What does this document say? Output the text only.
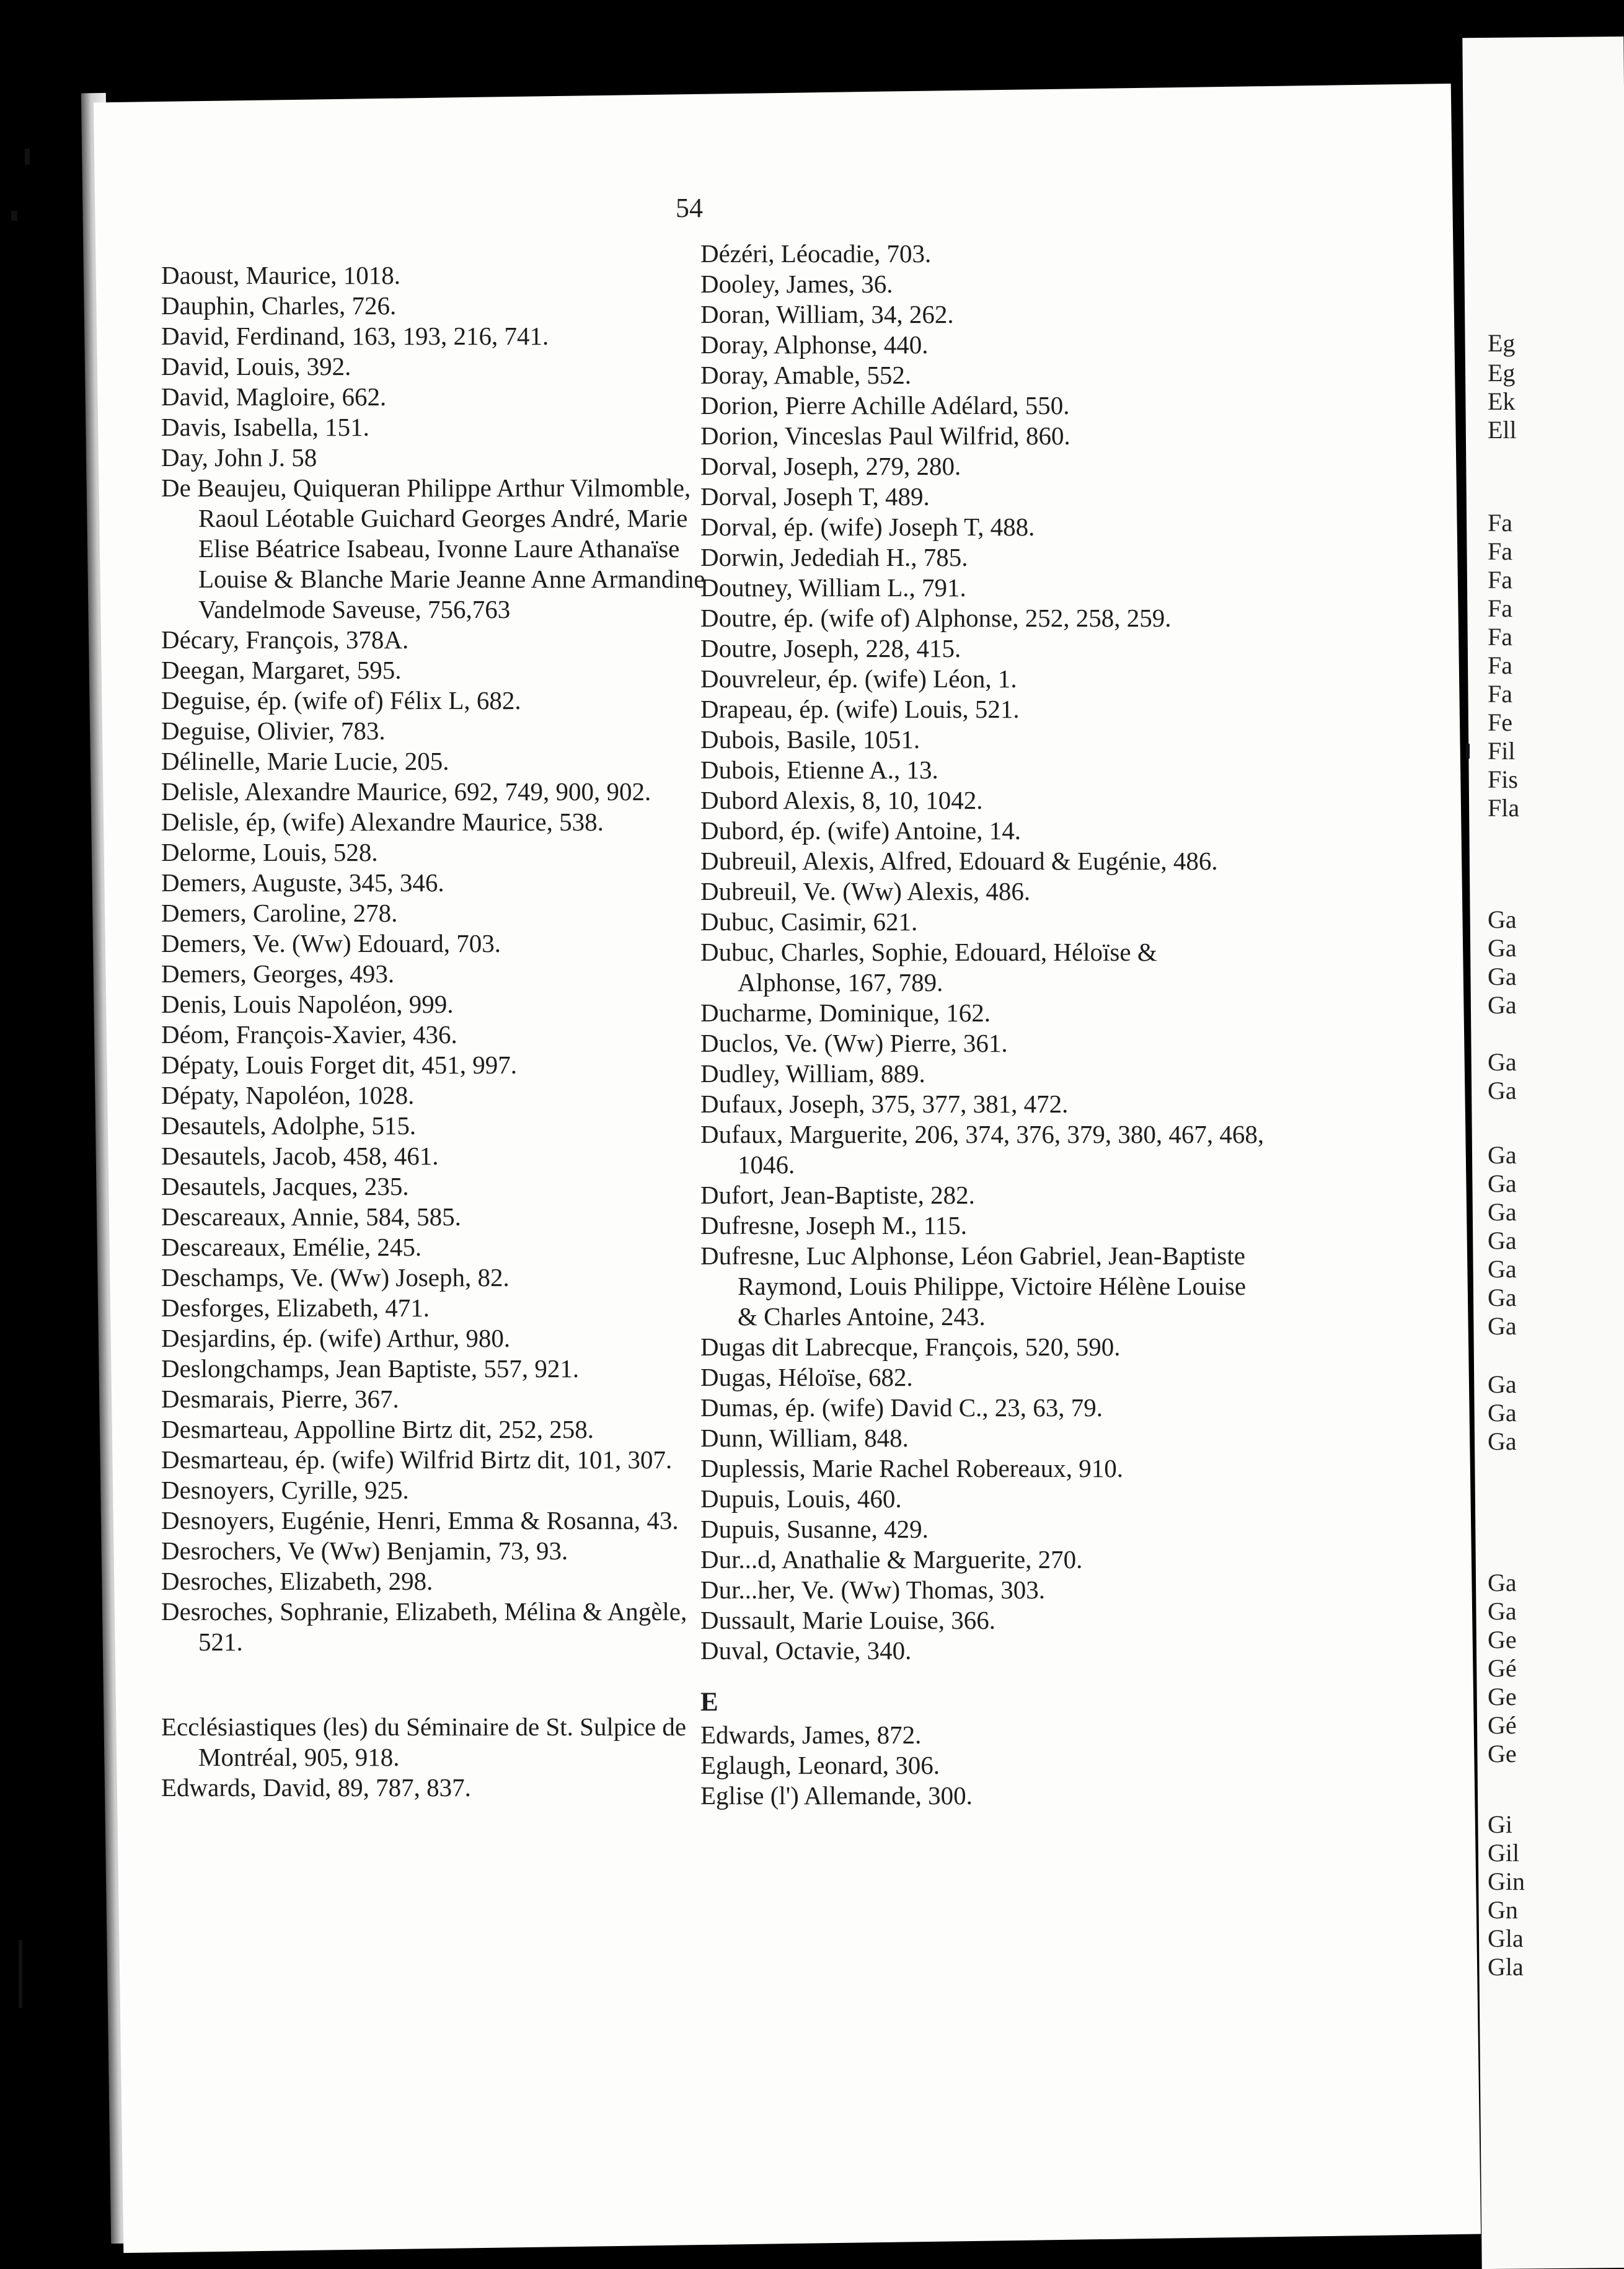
54

Daoust, Maurice, 1018.

Dauphin, Charles, 726.

David, Ferdinand, 163, 193, 216, 741.

David, Louis, 392.

David, Magloire, 662.

Davis, Isabella, 151.

Day, John J. 58

De Beaujeu, Quiqueran Philippe Arthur Vilmomble, Raoul Léotable Guichard Georges André, Marie Elise Béatrice Isabeau, Ivonne Laure Athanaïse Louise & Blanche Marie Jeanne Anne Armandine Vandelmode Saveuse, 756,763

Décary, François, 378A.

Deegan, Margaret, 595.

Deguise, ép. (wife of) Félix L, 682.

Deguise, Olivier, 783.

Délinelle, Marie Lucie, 205.

Delisle, Alexandre Maurice, 692, 749, 900, 902.

Delisle, ép, (wife) Alexandre Maurice, 538.

Delorme, Louis, 528.

Demers, Auguste, 345, 346.

Demers, Caroline, 278.

Demers, Ve. (Ww) Edouard, 703.

Demers, Georges, 493.

Denis, Louis Napoléon, 999.

Déom, François-Xavier, 436.

Dépaty, Louis Forget dit, 451, 997.

Dépaty, Napoléon, 1028.

Desautels, Adolphe, 515.

Desautels, Jacob, 458, 461.

Desautels, Jacques, 235.

Descareaux, Annie, 584, 585.

Descareaux, Emélie, 245.

Deschamps, Ve. (Ww) Joseph, 82.

Desforges, Elizabeth, 471.

Desjardins, ép. (wife) Arthur, 980.

Deslongchamps, Jean Baptiste, 557, 921.

Desmarais, Pierre, 367.

Desmarteau, Appolline Birtz dit, 252, 258.

Desmarteau, ép. (wife) Wilfrid Birtz dit, 101, 307.

Desnoyers, Cyrille, 925.

Desnoyers, Eugénie, Henri, Emma & Rosanna, 43.

Desrochers, Ve (Ww) Benjamin, 73, 93.

Desroches, Elizabeth, 298.

Desroches, Sophranie, Elizabeth, Mélina & Angèle, 521.

Ecclésiastiques (les) du Séminaire de St. Sulpice de Montréal, 905, 918.

Edwards, David, 89, 787, 837.

Dézéri, Léocadie, 703.

Dooley, James, 36.

Doran, William, 34, 262.

Doray, Alphonse, 440.

Doray, Amable, 552.

Dorion, Pierre Achille Adélard, 550.

Dorion, Vinceslas Paul Wilfrid, 860.

Dorval, Joseph, 279, 280.

Dorval, Joseph T, 489.

Dorval, ép. (wife) Joseph T, 488.

Dorwin, Jedediah H., 785.

Doutney, William L., 791.

Doutre, ép. (wife of) Alphonse, 252, 258, 259.

Doutre, Joseph, 228, 415.

Douvreleur, ép. (wife) Léon, 1.

Drapeau, ép. (wife) Louis, 521.

Dubois, Basile, 1051.

Dubois, Etienne A., 13.

Dubord Alexis, 8, 10, 1042.

Dubord, ép. (wife) Antoine, 14.

Dubreuil, Alexis, Alfred, Edouard & Eugénie, 486.

Dubreuil, Ve. (Ww) Alexis, 486.

Dubuc, Casimir, 621.

Dubuc, Charles, Sophie, Edouard, Héloïse & Alphonse, 167, 789.

Ducharme, Dominique, 162.

Duclos, Ve. (Ww) Pierre, 361.

Dudley, William, 889.

Dufaux, Joseph, 375, 377, 381, 472.

Dufaux, Marguerite, 206, 374, 376, 379, 380, 467, 468, 1046.

Dufort, Jean-Baptiste, 282.

Dufresne, Joseph M., 115.

Dufresne, Luc Alphonse, Léon Gabriel, Jean-Baptiste Raymond, Louis Philippe, Victoire Hélène Louise & Charles Antoine, 243.

Dugas dit Labrecque, François, 520, 590.

Dugas, Héloïse, 682.

Dumas, ép. (wife) David C., 23, 63, 79.

Dunn, William, 848.

Duplessis, Marie Rachel Robereaux, 910.

Dupuis, Louis, 460.

Dupuis, Susanne, 429.

Dur...d, Anathalie & Marguerite, 270.

Dur...her, Ve. (Ww) Thomas, 303.

Dussault, Marie Louise, 366.

Duval, Octavie, 340.

E

Edwards, James, 872.

Eglaugh, Leonard, 306.

Eglise (l') Allemande, 300.

Eg
Eg
Ek
Ell
Fa
Fa
Fa
Fa
Fa
Fa
Fa
Fe
Fil
Fis
Fla
Ga
Ga
Ga
Ga
Ga
Ga
Ga
Ga
Ga
Ga
Ga
Ga
Ga
Ga
Ga
Ga
Ga
Ga
Ge
Gé
Ge
Gé
Ge
Gi
Gil
Gin
Gn
Gla
Gla
